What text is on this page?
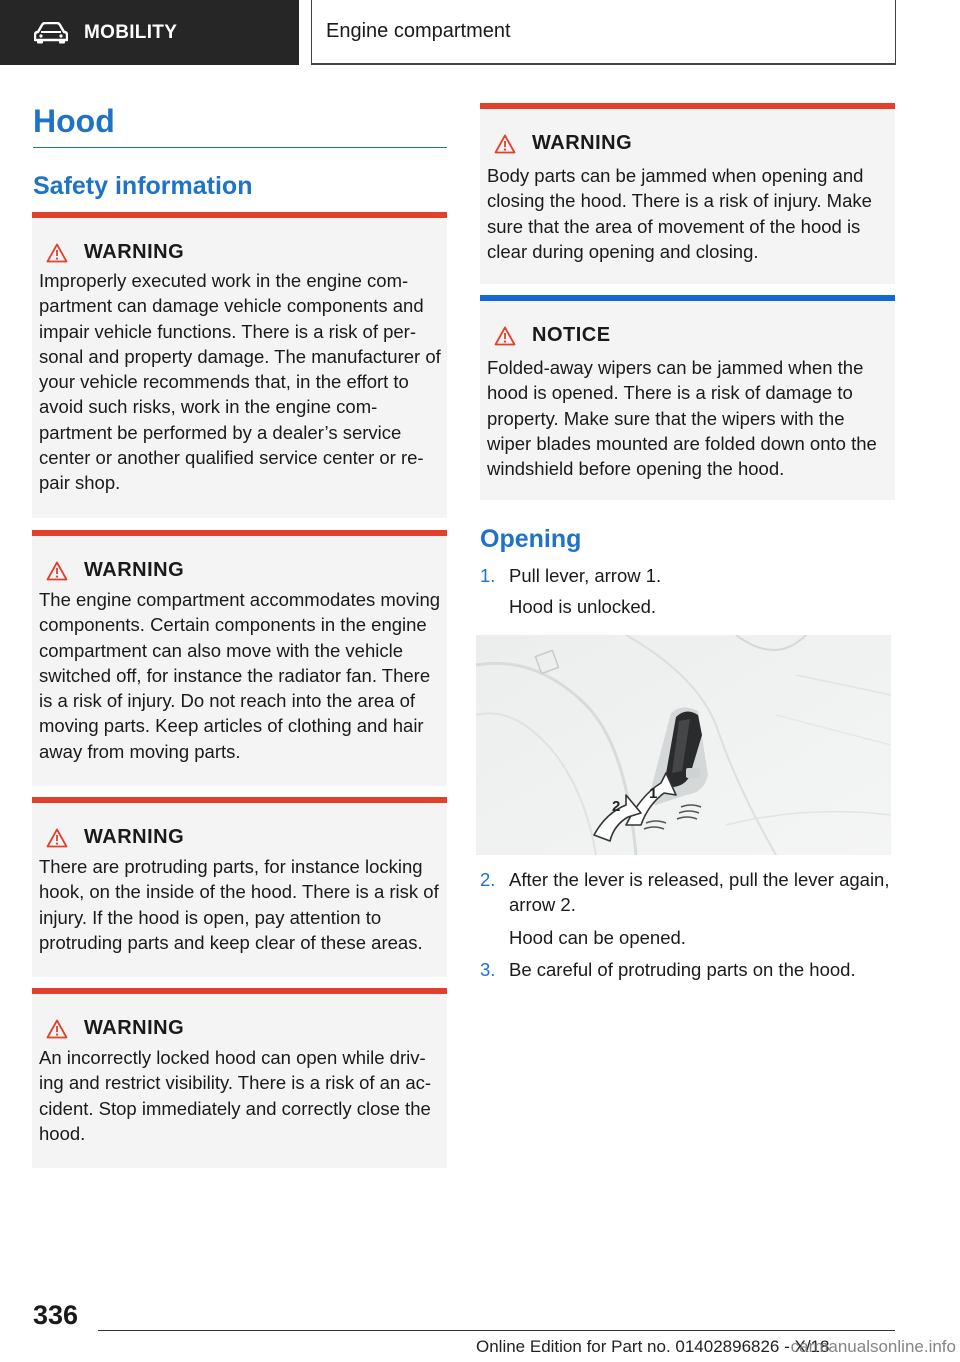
MOBILITY	Engine compartment
Hood
Safety information
WARNING
Improperly executed work in the engine compartment can damage vehicle components and impair vehicle functions. There is a risk of personal and property damage. The manufacturer of your vehicle recommends that, in the effort to avoid such risks, work in the engine compartment be performed by a dealer’s service center or another qualified service center or repair shop.
WARNING
The engine compartment accommodates moving components. Certain components in the engine compartment can also move with the vehicle switched off, for instance the radiator fan. There is a risk of injury. Do not reach into the area of moving parts. Keep articles of clothing and hair away from moving parts.
WARNING
There are protruding parts, for instance locking hook, on the inside of the hood. There is a risk of injury. If the hood is open, pay attention to protruding parts and keep clear of these areas.
WARNING
An incorrectly locked hood can open while driving and restrict visibility. There is a risk of an accident. Stop immediately and correctly close the hood.
WARNING
Body parts can be jammed when opening and closing the hood. There is a risk of injury. Make sure that the area of movement of the hood is clear during opening and closing.
NOTICE
Folded-away wipers can be jammed when the hood is opened. There is a risk of damage to property. Make sure that the wipers with the wiper blades mounted are folded down onto the windshield before opening the hood.
Opening
1. Pull lever, arrow 1.
Hood is unlocked.
1
2
2. After the lever is released, pull the lever again, arrow 2.
Hood can be opened.
3. Be careful of protruding parts on the hood.
336
Online Edition for Part no. 01402896826 - X/18
carmanualsonline.info
